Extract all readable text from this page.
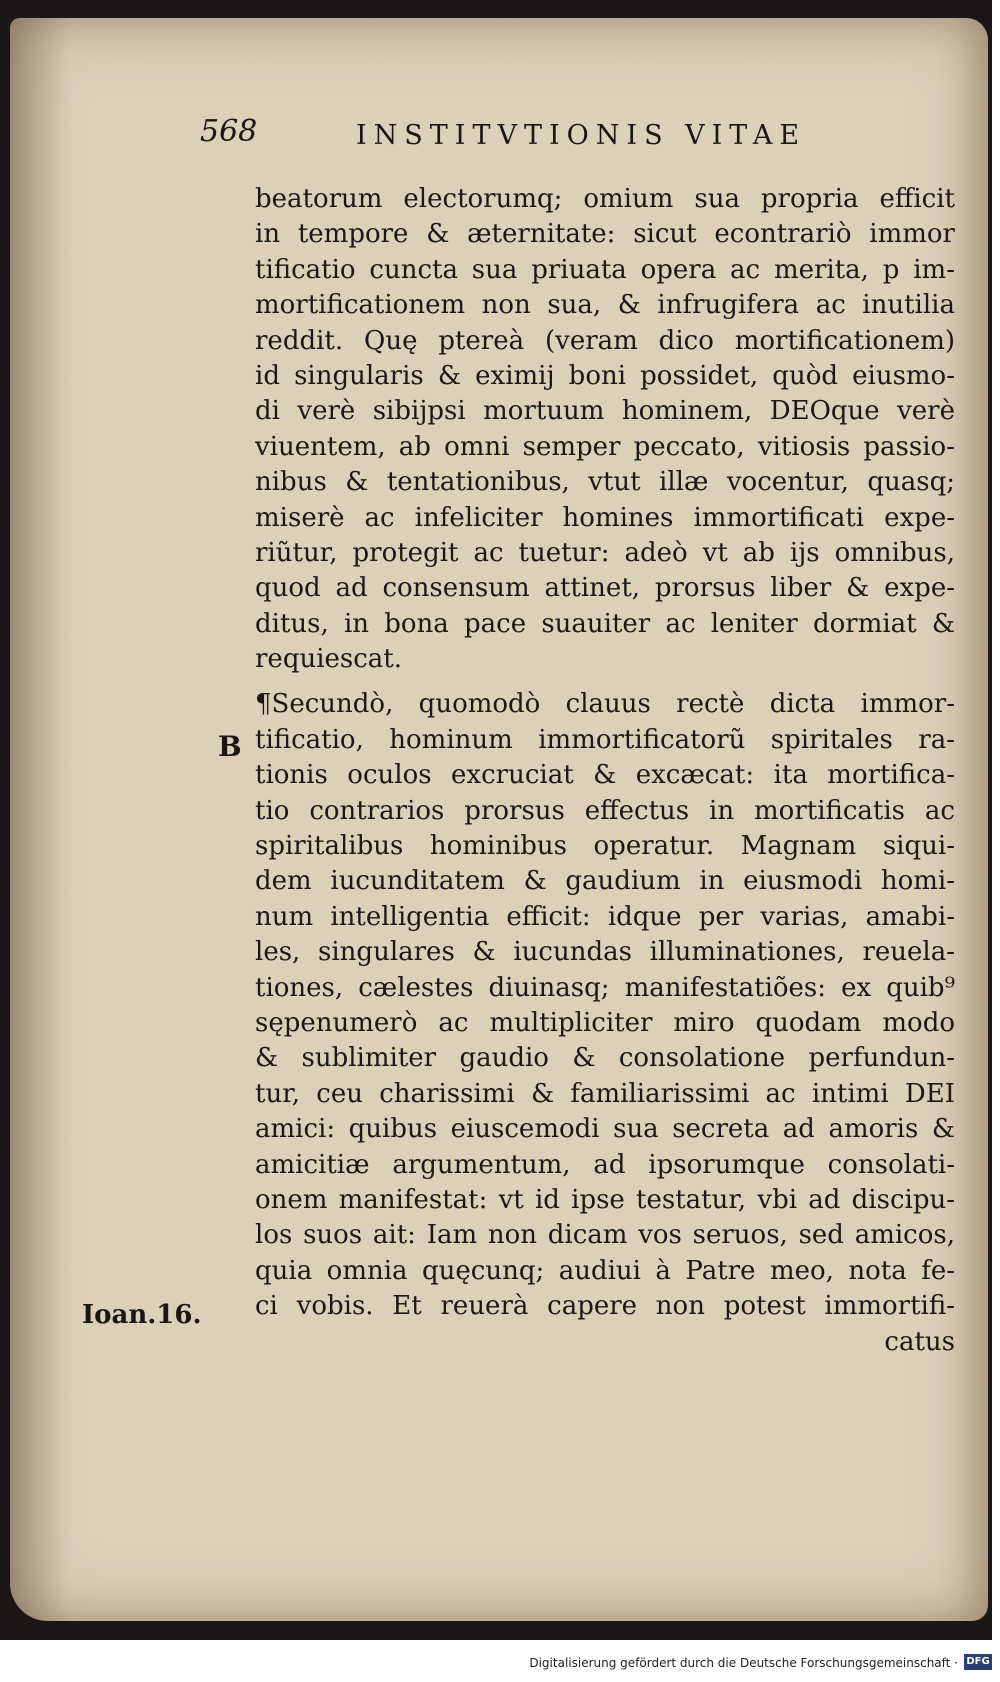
568	INSTITVTIONIS VITAE
B
Ioan.16.
beatorum electorumq; omium sua propria efficit
in tempore & æternitate: sicut econtrariò immor
tificatio cuncta sua priuata opera ac merita, p im-
mortificationem non sua, & infrugifera ac inutilia
reddit. Quę ptereà (veram dico mortificationem)
id singularis & eximij boni possidet, quòd eiusmo-
di verè sibijpsi mortuum hominem, DEOque verè
viuentem, ab omni semper peccato, vitiosis passio-
nibus & tentationibus, vtut illæ vocentur, quasq;
miserè ac infeliciter homines immortificati expe-
riũtur, protegit ac tuetur: adeò vt ab ijs omnibus,
quod ad consensum attinet, prorsus liber & expe-
ditus, in bona pace suauiter ac leniter dormiat &
requiescat.
¶Secundò, quomodò clauus rectè dicta immor-
tificatio, hominum immortificatorũ spiritales ra-
tionis oculos excruciat & excæcat: ita mortifica-
tio contrarios prorsus effectus in mortificatis ac
spiritalibus hominibus operatur. Magnam siqui-
dem iucunditatem & gaudium in eiusmodi homi-
num intelligentia efficit: idque per varias, amabi-
les, singulares & iucundas illuminationes, reuela-
tiones, cælestes diuinasq; manifestatiões: ex quib⁹
sępenumerò ac multipliciter miro quodam modo
& sublimiter gaudio & consolatione perfundun-
tur, ceu charissimi & familiarissimi ac intimi DEI
amici: quibus eiuscemodi sua secreta ad amoris &
amicitiæ argumentum, ad ipsorumque consolati-
onem manifestat: vt id ipse testatur, vbi ad discipu-
los suos ait: Iam non dicam vos seruos, sed amicos,
quia omnia quęcunq; audiui à Patre meo, nota fe-
ci vobis. Et reuerà capere non potest immortifi-
catus
Digitalisierung gefördert durch die Deutsche Forschungsgemeinschaft · DFG
